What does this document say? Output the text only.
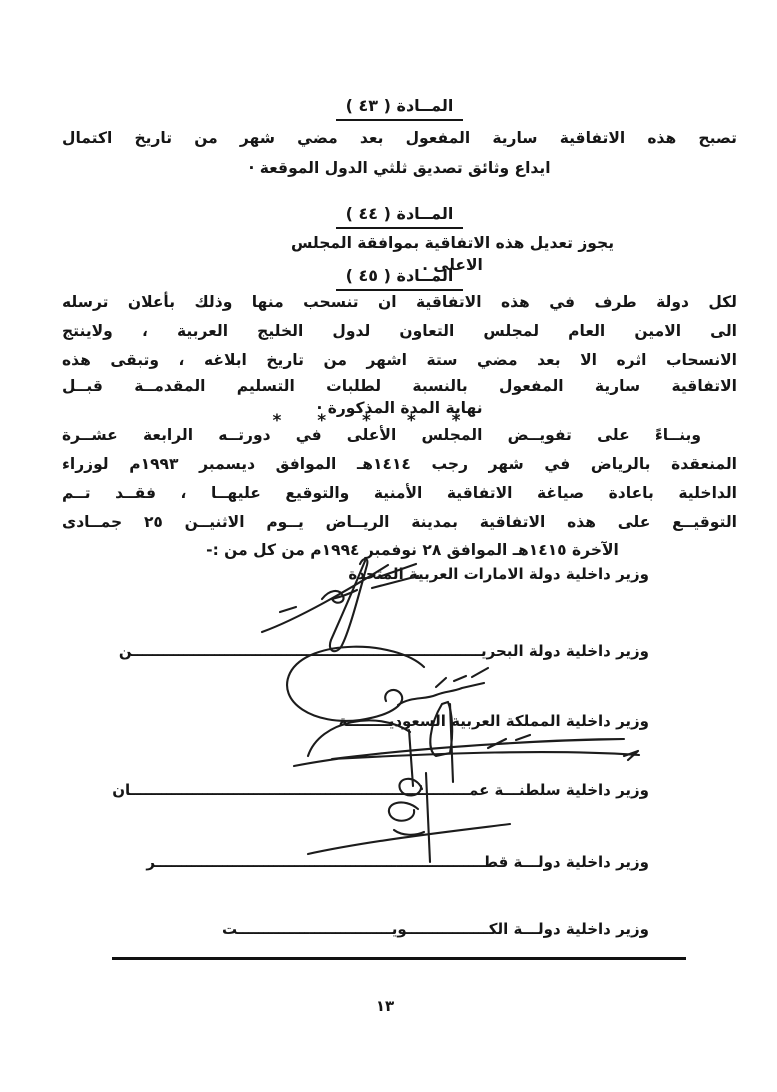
المــادة ( ٤٣ )
تصبح هذه الاتفاقية سارية المفعول بعد مضي شهر من تاريخ اكتمال
ايداع وثائق تصديق ثلثي الدول الموقعة ·
المــادة ( ٤٤ )
يجوز تعديل هذه الاتفاقية بموافقة المجلس الاعلى .
المــادة ( ٤٥ )
لكل دولة طرف في هذه الاتفاقية ان تنسحب منها وذلك بأعلان ترسله
الى الامين العام لمجلس التعاون لدول الخليج العربية ، ولاينتج
الانسحاب اثره الا بعد مضي ستة اشهر من تاريخ ابلاغه ، وتبقى هذه
الاتفاقية سارية المفعول بالنسبة لطلبات التسليم المقدمــة قبــل
نهاية المدة المذكورة ·
* * * * *
وبنــاءً على تفويــض المجلس الأعلى في دورتــه الرابعة عشــرة
المنعقدة بالرياض في شهر رجب ١٤١٤هـ الموافق ديسمبر ١٩٩٣م لوزراء
الداخلية باعادة صياغة الاتفاقية الأمنية والتوقيع عليهــا ، فقــد تــم
التوقيــع على هذه الاتفاقية بمدينة الريــاض يــوم الاثنيــن ٢٥ جمــادى
الآخرة ١٤١٥هـ الموافق ٢٨ نوفمبر ١٩٩٤م من كل من :-
وزير داخلية دولة الامارات العربية المتحدة
وزير داخلية دولة البحريــــــــــــــــــــــــــــــــــــــــــــــــــــــــــــــــــــن
وزير داخلية المملكة العربية السعوديــــــــة
وزير داخلية سلطنـــة عمــــــــــــــــــــــــــــــــــــــــــــــــــــــــــــــــــان
وزير داخلية دولـــة قطــــــــــــــــــــــــــــــــــــــــــــــــــــــــــــــــر
وزير داخلية دولـــة الكــــــــــــــــويــــــــــــــــــــــــــــــت
١٣
